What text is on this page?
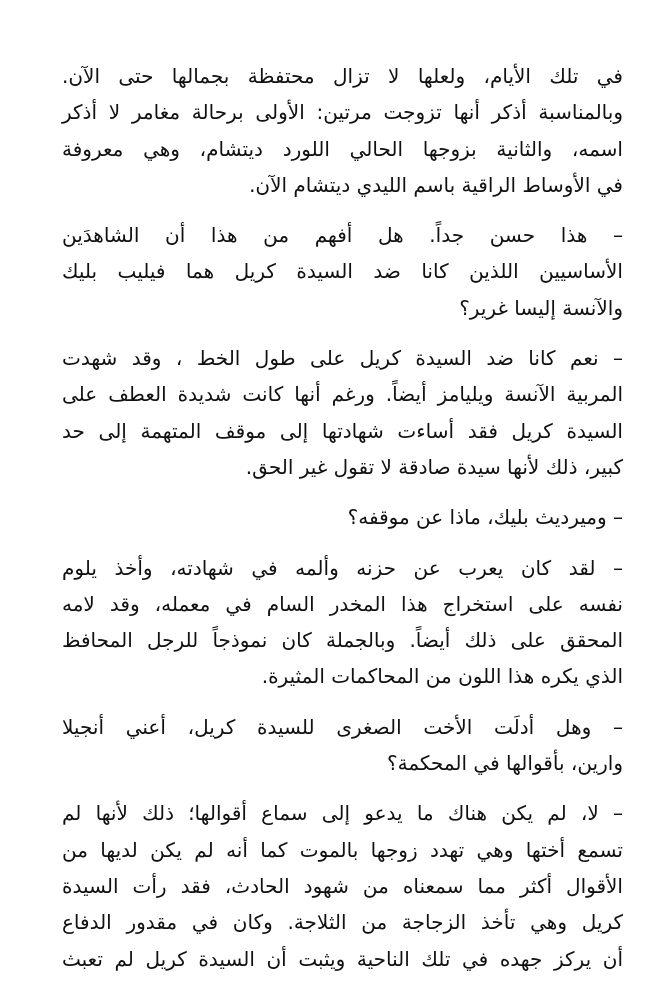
في تلك الأيام، ولعلها لا تزال محتفظة بجمالها حتى الآن.
وبالمناسبة أذكر أنها تزوجت مرتين: الأولى برحالة مغامر لا أذكر
اسمه، والثانية بزوجها الحالي اللورد ديتشام، وهي معروفة
في الأوساط الراقية باسم الليدي ديتشام الآن.
– هذا حسن جداً. هل أفهم من هذا أن الشاهدَين
الأساسيين اللذين كانا ضد السيدة كريل هما فيليب بليك
والآنسة إليسا غرير؟
– نعم كانا ضد السيدة كريل على طول الخط ، وقد شهدت
المربية الآنسة ويليامز أيضاً. ورغم أنها كانت شديدة العطف على
السيدة كريل فقد أساءت شهادتها إلى موقف المتهمة إلى حد
كبير، ذلك لأنها سيدة صادقة لا تقول غير الحق.
– وميرديث بليك، ماذا عن موقفه؟
– لقد كان يعرب عن حزنه وألمه في شهادته، وأخذ يلوم
نفسه على استخراج هذا المخدر السام في معمله، وقد لامه
المحقق على ذلك أيضاً. وبالجملة كان نموذجاً للرجل المحافظ
الذي يكره هذا اللون من المحاكمات المثيرة.
– وهل أدلَت الأخت الصغرى للسيدة كريل، أعني أنجيلا
وارين، بأقوالها في المحكمة؟
– لا، لم يكن هناك ما يدعو إلى سماع أقوالها؛ ذلك لأنها لم
تسمع أختها وهي تهدد زوجها بالموت كما أنه لم يكن لديها من
الأقوال أكثر مما سمعناه من شهود الحادث، فقد رأت السيدة
كريل وهي تأخذ الزجاجة من الثلاجة. وكان في مقدور الدفاع
أن يركز جهده في تلك الناحية ويثبت أن السيدة كريل لم تعبث
